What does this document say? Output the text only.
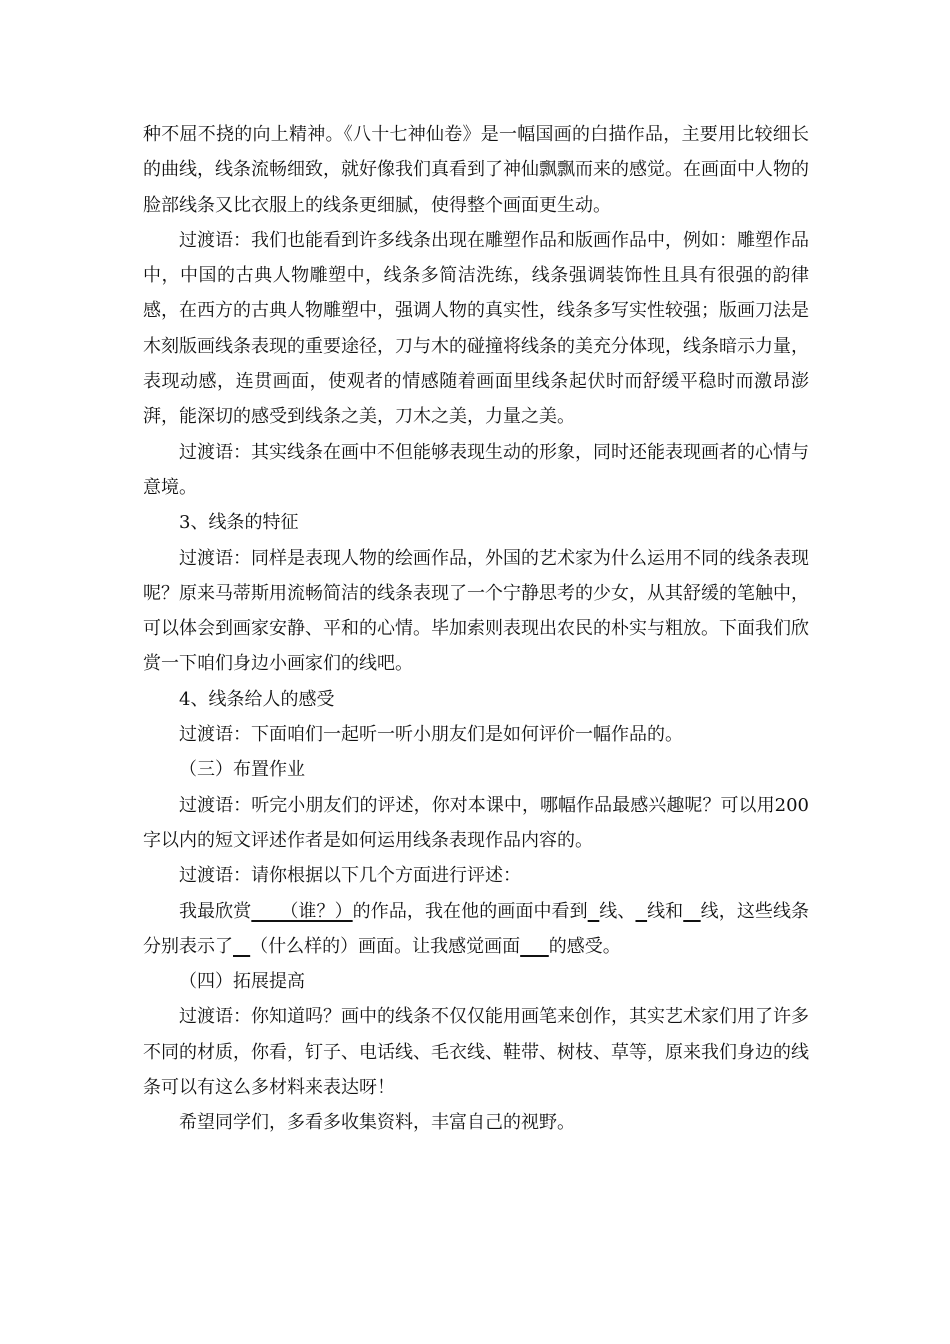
种不屈不挠的向上精神。《八十七神仙卷》是一幅国画的白描作品，主要用比较细长的曲线，线条流畅细致，就好像我们真看到了神仙飘飘而来的感觉。在画面中人物的脸部线条又比衣服上的线条更细腻，使得整个画面更生动。

过渡语：我们也能看到许多线条出现在雕塑作品和版画作品中，例如：雕塑作品中，中国的古典人物雕塑中，线条多简洁洗练，线条强调装饰性且具有很强的韵律感，在西方的古典人物雕塑中，强调人物的真实性，线条多写实性较强；版画刀法是木刻版画线条表现的重要途径，刀与木的碰撞将线条的美充分体现，线条暗示力量，表现动感，连贯画面，使观者的情感随着画面里线条起伏时而舒缓平稳时而激昂澎湃，能深切的感受到线条之美，刀木之美，力量之美。

过渡语：其实线条在画中不但能够表现生动的形象，同时还能表现画者的心情与意境。

3、线条的特征

过渡语：同样是表现人物的绘画作品，外国的艺术家为什么运用不同的线条表现呢？原来马蒂斯用流畅简洁的线条表现了一个宁静思考的少女，从其舒缓的笔触中，可以体会到画家安静、平和的心情。毕加索则表现出农民的朴实与粗放。下面我们欣赏一下咱们身边小画家们的线吧。

4、线条给人的感受

过渡语：下面咱们一起听一听小朋友们是如何评价一幅作品的。

（三）布置作业

过渡语：听完小朋友们的评述，你对本课中，哪幅作品最感兴趣呢？可以用200字以内的短文评述作者是如何运用线条表现作品内容的。

过渡语：请你根据以下几个方面进行评述：

我最欣赏     （谁？）的作品，我在他的画面中看到 线、 线和 线，这些线条分别表示了 （什么样的）画面。让我感觉画面 的感受。

（四）拓展提高

过渡语：你知道吗？画中的线条不仅仅能用画笔来创作，其实艺术家们用了许多不同的材质，你看，钉子、电话线、毛衣线、鞋带、树枝、草等，原来我们身边的线条可以有这么多材料来表达呀！

希望同学们，多看多收集资料，丰富自己的视野。
